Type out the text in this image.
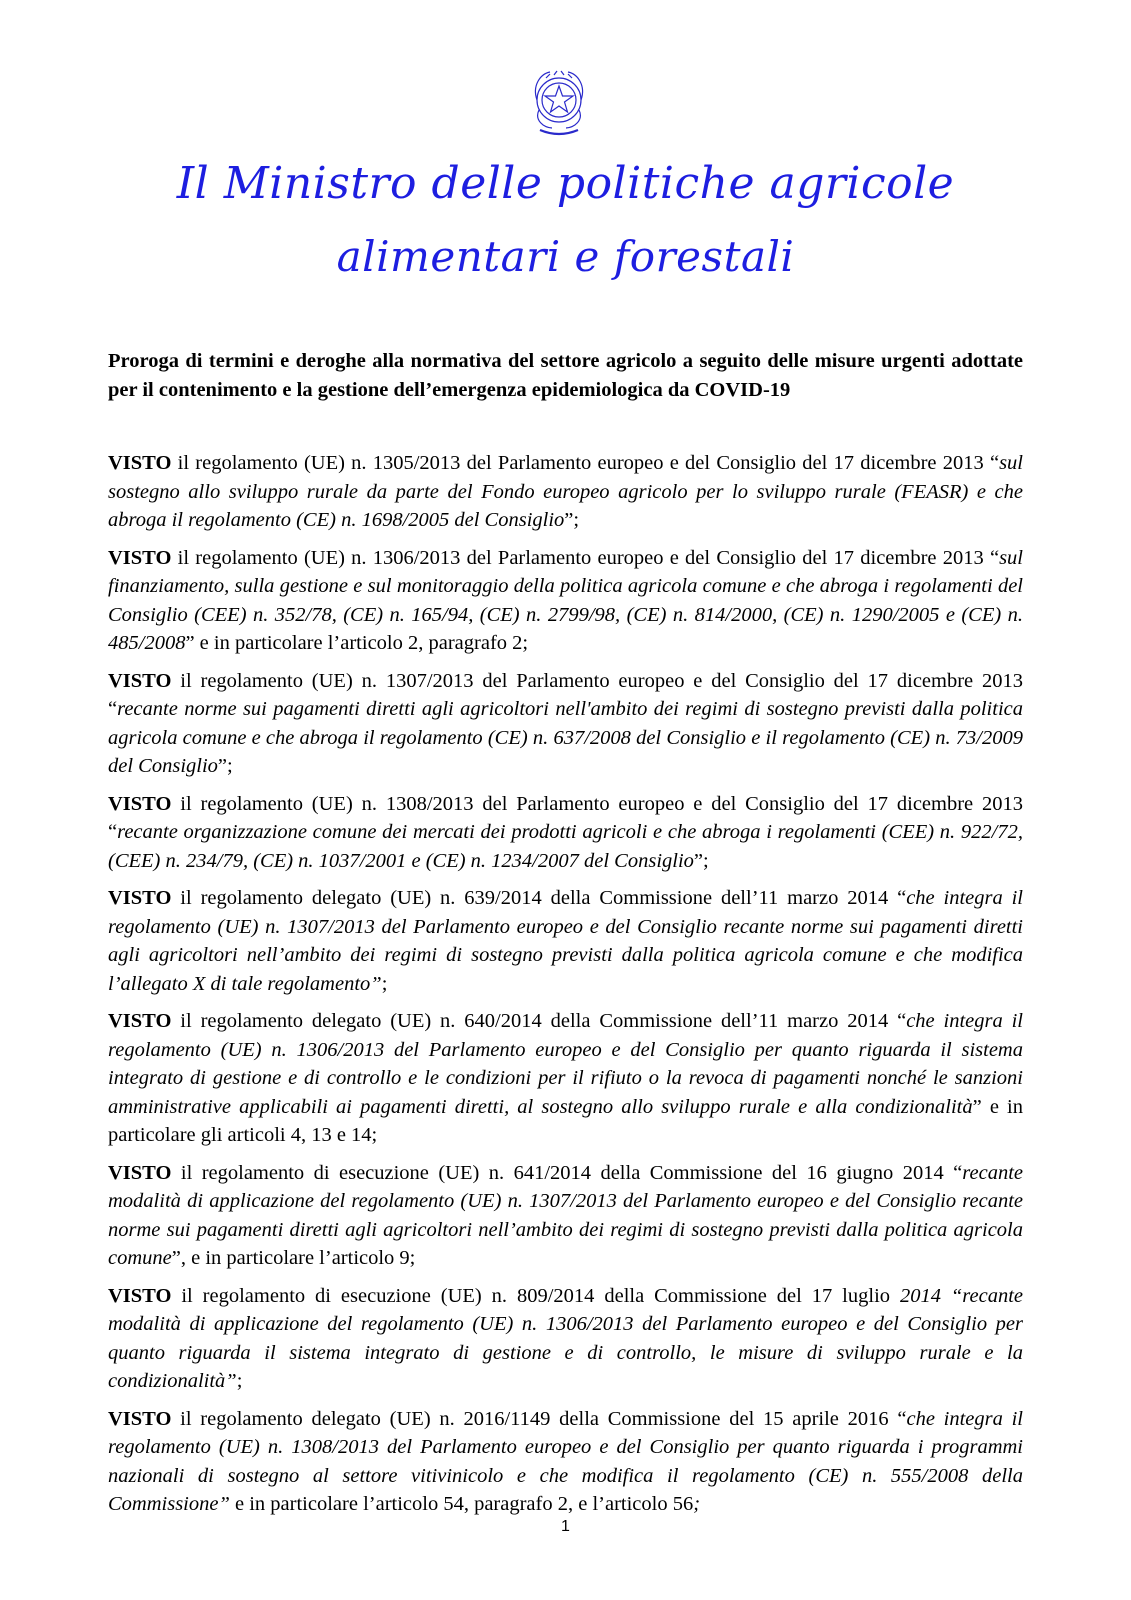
Il Ministro delle politiche agricole
alimentari e forestali

Proroga di termini e deroghe alla normativa del settore agricolo a seguito delle misure urgenti adottate per il contenimento e la gestione dell’emergenza epidemiologica da COVID-19

VISTO il regolamento (UE) n. 1305/2013 del Parlamento europeo e del Consiglio del 17 dicembre 2013 “sul sostegno allo sviluppo rurale da parte del Fondo europeo agricolo per lo sviluppo rurale (FEASR) e che abroga il regolamento (CE) n. 1698/2005 del Consiglio”;

VISTO il regolamento (UE) n. 1306/2013 del Parlamento europeo e del Consiglio del 17 dicembre 2013 “sul finanziamento, sulla gestione e sul monitoraggio della politica agricola comune e che abroga i regolamenti del Consiglio (CEE) n. 352/78, (CE) n. 165/94, (CE) n. 2799/98, (CE) n. 814/2000, (CE) n. 1290/2005 e (CE) n. 485/2008” e in particolare l’articolo 2, paragrafo 2;

VISTO il regolamento (UE) n. 1307/2013 del Parlamento europeo e del Consiglio del 17 dicembre 2013 “recante norme sui pagamenti diretti agli agricoltori nell'ambito dei regimi di sostegno previsti dalla politica agricola comune e che abroga il regolamento (CE) n. 637/2008 del Consiglio e il regolamento (CE) n. 73/2009 del Consiglio”;

VISTO il regolamento (UE) n. 1308/2013 del Parlamento europeo e del Consiglio del 17 dicembre 2013 “recante organizzazione comune dei mercati dei prodotti agricoli e che abroga i regolamenti (CEE) n. 922/72, (CEE) n. 234/79, (CE) n. 1037/2001 e (CE) n. 1234/2007 del Consiglio”;

VISTO il regolamento delegato (UE) n. 639/2014 della Commissione dell’11 marzo 2014 “che integra il regolamento (UE) n. 1307/2013 del Parlamento europeo e del Consiglio recante norme sui pagamenti diretti agli agricoltori nell’ambito dei regimi di sostegno previsti dalla politica agricola comune e che modifica l’allegato X di tale regolamento”;

VISTO il regolamento delegato (UE) n. 640/2014 della Commissione dell’11 marzo 2014 “che integra il regolamento (UE) n. 1306/2013 del Parlamento europeo e del Consiglio per quanto riguarda il sistema integrato di gestione e di controllo e le condizioni per il rifiuto o la revoca di pagamenti nonché le sanzioni amministrative applicabili ai pagamenti diretti, al sostegno allo sviluppo rurale e alla condizionalità” e in particolare gli articoli 4, 13 e 14;

VISTO il regolamento di esecuzione (UE) n. 641/2014 della Commissione del 16 giugno 2014 “recante modalità di applicazione del regolamento (UE) n. 1307/2013 del Parlamento europeo e del Consiglio recante norme sui pagamenti diretti agli agricoltori nell’ambito dei regimi di sostegno previsti dalla politica agricola comune”, e in particolare l’articolo 9;

VISTO il regolamento di esecuzione (UE) n. 809/2014 della Commissione del 17 luglio 2014 “recante modalità di applicazione del regolamento (UE) n. 1306/2013 del Parlamento europeo e del Consiglio per quanto riguarda il sistema integrato di gestione e di controllo, le misure di sviluppo rurale e la condizionalità”;

VISTO il regolamento delegato (UE) n. 2016/1149 della Commissione del 15 aprile 2016 “che integra il regolamento (UE) n. 1308/2013 del Parlamento europeo e del Consiglio per quanto riguarda i programmi nazionali di sostegno al settore vitivinicolo e che modifica il regolamento (CE) n. 555/2008 della Commissione” e in particolare l’articolo 54, paragrafo 2, e l’articolo 56;

1
